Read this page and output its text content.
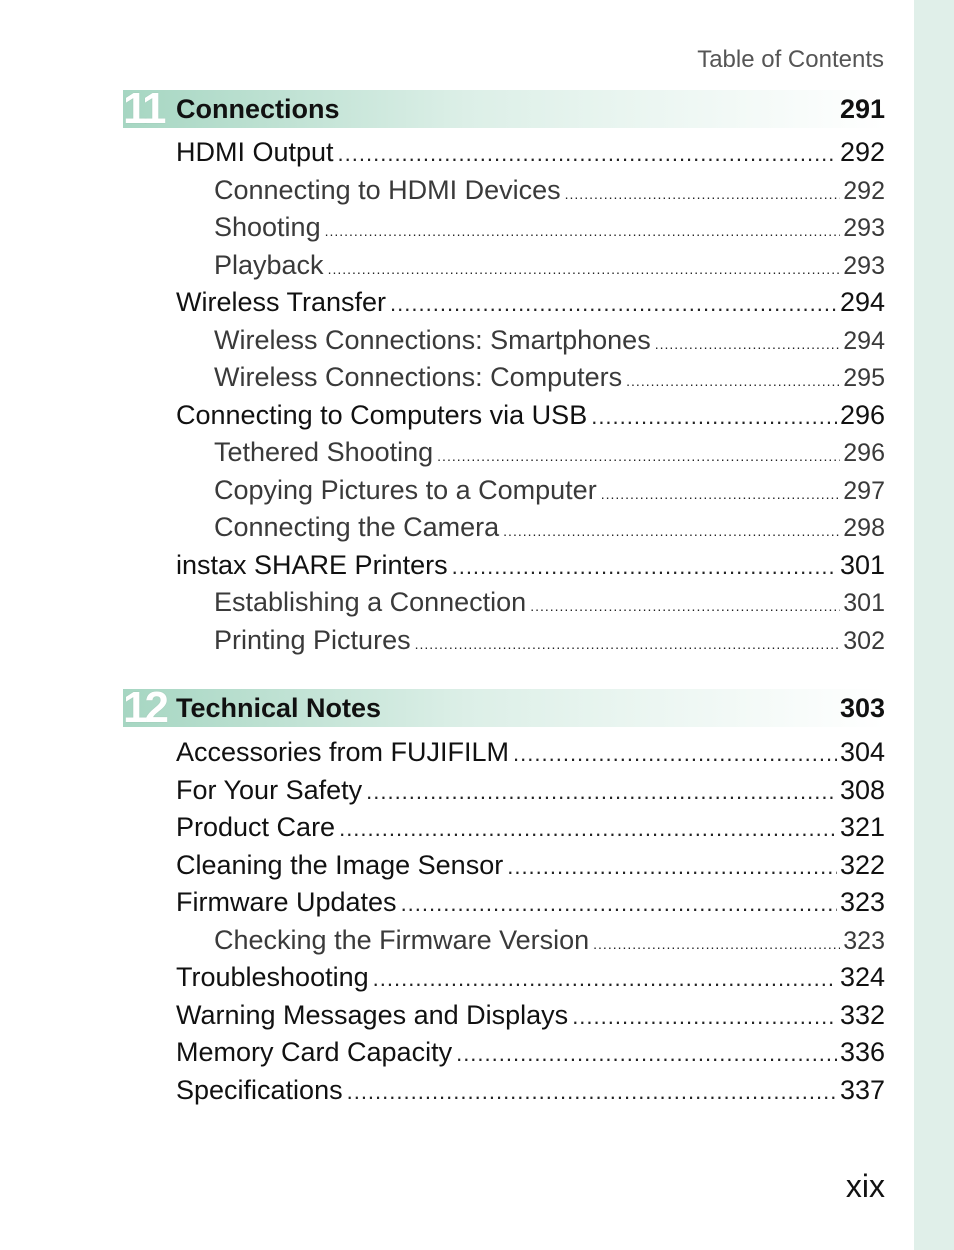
Table of Contents
11 Connections	291
HDMI Output .....	292
Connecting to HDMI Devices .....	292
Shooting .....	293
Playback .....	293
Wireless Transfer .....	294
Wireless Connections: Smartphones .....	294
Wireless Connections: Computers .....	295
Connecting to Computers via USB .....	296
Tethered Shooting .....	296
Copying Pictures to a Computer .....	297
Connecting the Camera .....	298
instax SHARE Printers .....	301
Establishing a Connection .....	301
Printing Pictures .....	302
12 Technical Notes	303
Accessories from FUJIFILM .....	304
For Your Safety .....	308
Product Care .....	321
Cleaning the Image Sensor .....	322
Firmware Updates .....	323
Checking the Firmware Version .....	323
Troubleshooting .....	324
Warning Messages and Displays .....	332
Memory Card Capacity .....	336
Specifications .....	337
xix
